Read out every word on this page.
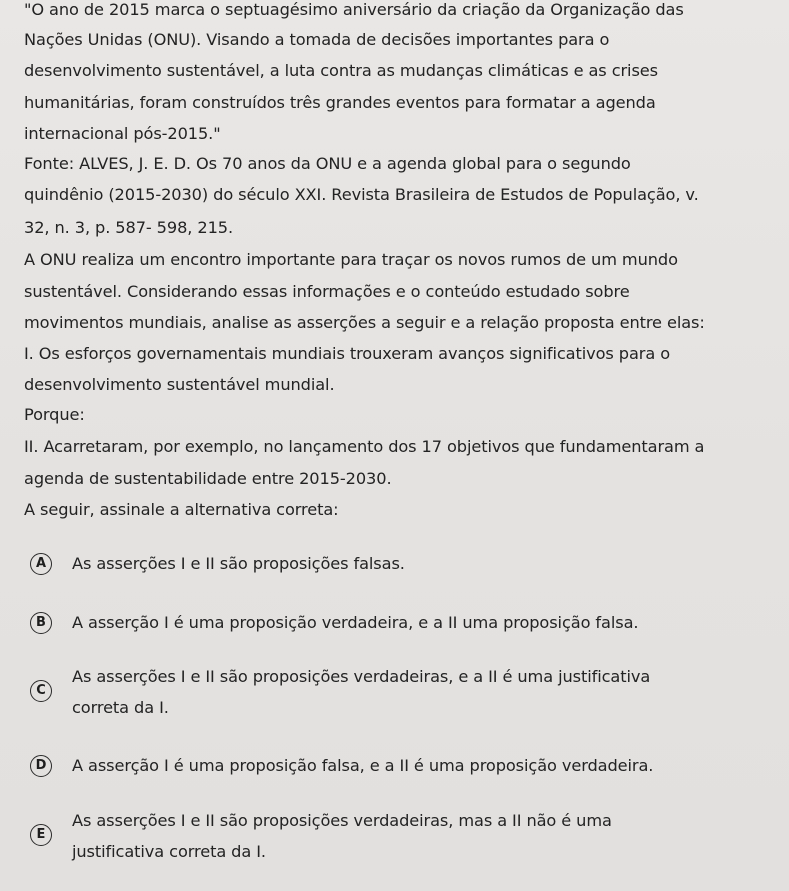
"O ano de 2015 marca o septuagésimo aniversário da criação da Organização das
Nações Unidas (ONU). Visando a tomada de decisões importantes para o
desenvolvimento sustentável, a luta contra as mudanças climáticas e as crises
humanitárias, foram construídos três grandes eventos para formatar a agenda
internacional pós-2015."
Fonte: ALVES, J. E. D. Os 70 anos da ONU e a agenda global para o segundo
quindênio (2015-2030) do século XXI. Revista Brasileira de Estudos de População, v.
32, n. 3, p. 587- 598, 215.
A ONU realiza um encontro importante para traçar os novos rumos de um mundo
sustentável. Considerando essas informações e o conteúdo estudado sobre
movimentos mundiais, analise as asserções a seguir e a relação proposta entre elas:
I. Os esforços governamentais mundiais trouxeram avanços significativos para o
desenvolvimento sustentável mundial.
Porque:
II. Acarretaram, por exemplo, no lançamento dos 17 objetivos que fundamentaram a
agenda de sustentabilidade entre 2015-2030.
A seguir, assinale a alternativa correta:
A	As asserções I e II são proposições falsas.
B	A asserção I é uma proposição verdadeira, e a II uma proposição falsa.
C
As asserções I e II são proposições verdadeiras, e a II é uma justificativa
correta da I.
D	A asserção I é uma proposição falsa, e a II é uma proposição verdadeira.
E
As asserções I e II são proposições verdadeiras, mas a II não é uma
justificativa correta da I.
